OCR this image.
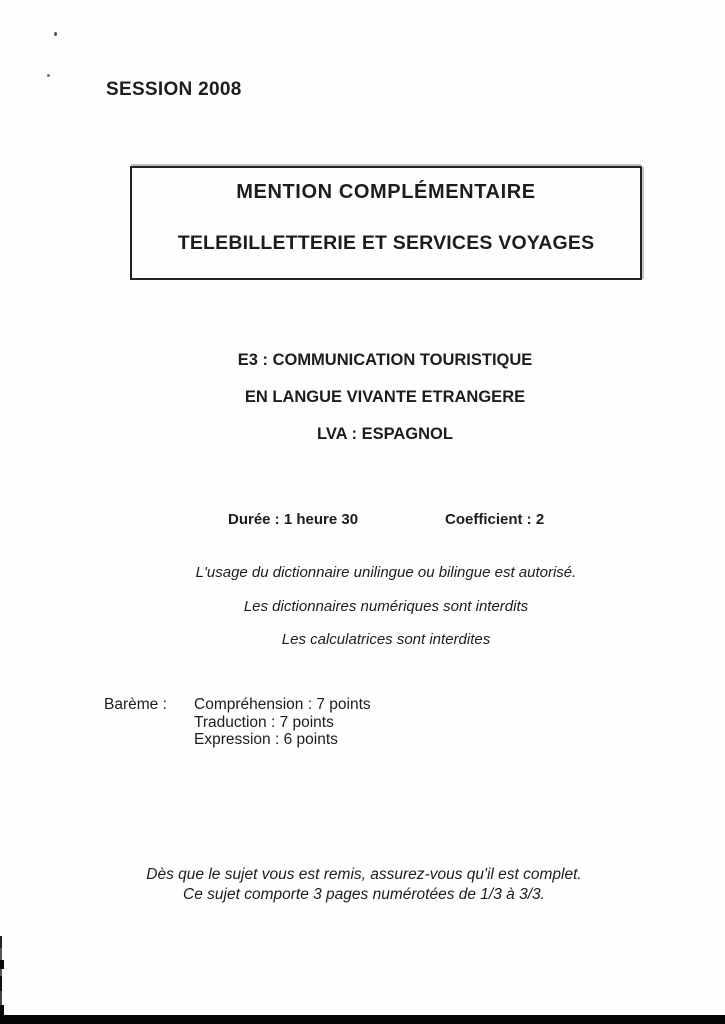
SESSION 2008
MENTION COMPLÉMENTAIRE
TELEBILLETTERIE ET SERVICES VOYAGES
E3 : COMMUNICATION TOURISTIQUE
EN LANGUE VIVANTE ETRANGERE
LVA : ESPAGNOL
Durée : 1 heure 30	Coefficient : 2
L'usage du dictionnaire unilingue ou bilingue est autorisé.
Les dictionnaires numériques sont interdits
Les calculatrices sont interdites
Barème : Compréhension : 7 points
Traduction : 7 points
Expression : 6 points
Dès que le sujet vous est remis, assurez-vous qu'il est complet.
Ce sujet comporte 3 pages numérotées de 1/3 à 3/3.
